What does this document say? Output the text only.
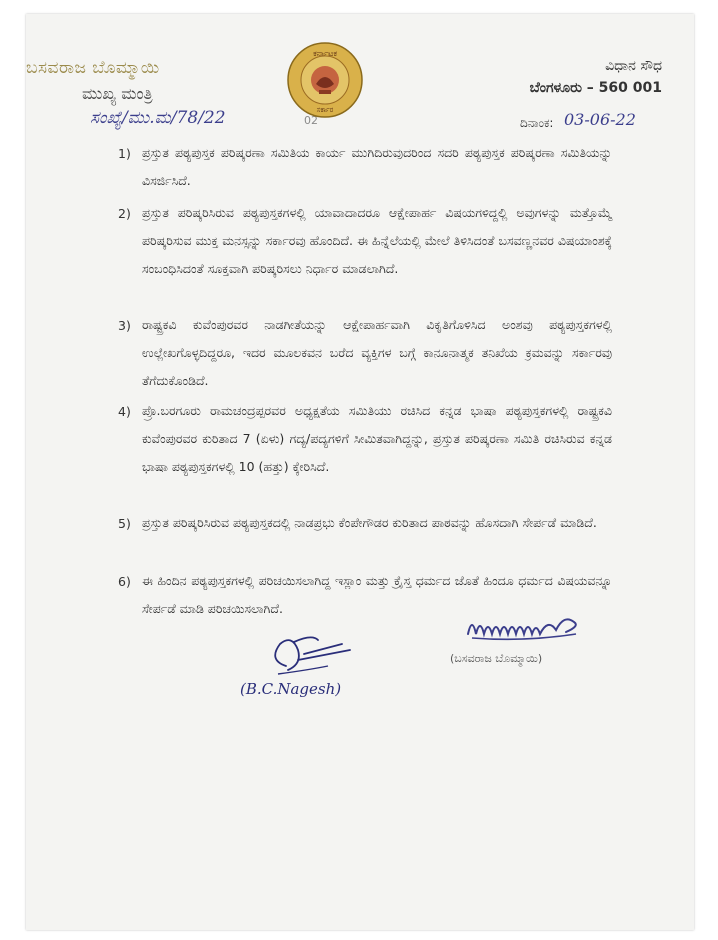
ಬಸವರಾಜ ಬೊಮ್ಮಾಯಿ
ಮುಖ್ಯ ಮಂತ್ರಿ
ಸಂಖ್ಯೆ/ಮು.ಮ/78/22	02
ಕರ್ನಾಟಕ
ಸರ್ಕಾರ
ವಿಧಾನ ಸೌಧ
ಬೆಂಗಳೂರು – 560 001
ದಿನಾಂಕ: 03-06-22
1) ಪ್ರಸ್ತುತ ಪಠ್ಯಪುಸ್ತಕ ಪರಿಷ್ಕರಣಾ ಸಮಿತಿಯ ಕಾರ್ಯ ಮುಗಿದಿರುವುದರಿಂದ ಸದರಿ ಪಠ್ಯಪುಸ್ತಕ ಪರಿಷ್ಕರಣಾ ಸಮಿತಿಯನ್ನು ವಿಸರ್ಜಿಸಿದೆ.
2) ಪ್ರಸ್ತುತ ಪರಿಷ್ಕರಿಸಿರುವ ಪಠ್ಯಪುಸ್ತಕಗಳಲ್ಲಿ ಯಾವಾದಾದರೂ ಆಕ್ಷೇಪಾರ್ಹ ವಿಷಯಗಳಿದ್ದಲ್ಲಿ ಅವುಗಳನ್ನು ಮತ್ತೊಮ್ಮೆ ಪರಿಷ್ಕರಿಸುವ ಮುಕ್ತ ಮನಸ್ಸನ್ನು ಸರ್ಕಾರವು ಹೊಂದಿದೆ. ಈ ಹಿನ್ನೆಲೆಯಲ್ಲಿ ಮೇಲೆ ತಿಳಿಸಿದಂತೆ ಬಸವಣ್ಣನವರ ವಿಷಯಾಂಶಕ್ಕೆ ಸಂಬಂಧಿಸಿದಂತೆ ಸೂಕ್ತವಾಗಿ ಪರಿಷ್ಕರಿಸಲು ನಿರ್ಧಾರ ಮಾಡಲಾಗಿದೆ.
3) ರಾಷ್ಟ್ರಕವಿ ಕುವೆಂಪುರವರ ನಾಡಗೀತೆಯನ್ನು ಆಕ್ಷೇಪಾರ್ಹವಾಗಿ ವಿಕೃತಿಗೊಳಿಸಿದ ಅಂಶವು ಪಠ್ಯಪುಸ್ತಕಗಳಲ್ಲಿ ಉಲ್ಲೇಖಗೊಳ್ಳದಿದ್ದರೂ, ಇದರ ಮೂಲಕವನ ಬರೆದ ವ್ಯಕ್ತಿಗಳ ಬಗ್ಗೆ ಕಾನೂನಾತ್ಮಕ ತನಿಖೆಯ ಕ್ರಮವನ್ನು ಸರ್ಕಾರವು ತೆಗೆದುಕೊಂಡಿದೆ.
4) ಪ್ರೊ.ಬರಗೂರು ರಾಮಚಂದ್ರಪ್ಪರವರ ಅಧ್ಯಕ್ಷತೆಯ ಸಮಿತಿಯು ರಚಿಸಿದ ಕನ್ನಡ ಭಾಷಾ ಪಠ್ಯಪುಸ್ತಕಗಳಲ್ಲಿ ರಾಷ್ಟ್ರಕವಿ ಕುವೆಂಪುರವರ ಕುರಿತಾದ 7 (ಏಳು) ಗದ್ಯ/ಪದ್ಯಗಳಿಗೆ ಸೀಮಿತವಾಗಿದ್ದನ್ನು, ಪ್ರಸ್ತುತ ಪರಿಷ್ಕರಣಾ ಸಮಿತಿ ರಚಿಸಿರುವ ಕನ್ನಡ ಭಾಷಾ ಪಠ್ಯಪುಸ್ತಕಗಳಲ್ಲಿ 10 (ಹತ್ತು) ಕ್ಕೇರಿಸಿದೆ.
5) ಪ್ರಸ್ತುತ ಪರಿಷ್ಕರಿಸಿರುವ ಪಠ್ಯಪುಸ್ತಕದಲ್ಲಿ ನಾಡಪ್ರಭು ಕೆಂಪೇಗೌಡರ ಕುರಿತಾದ ಪಾಠವನ್ನು ಹೊಸದಾಗಿ ಸೇರ್ಪಡೆ ಮಾಡಿದೆ.
6) ಈ ಹಿಂದಿನ ಪಠ್ಯಪುಸ್ತಕಗಳಲ್ಲಿ ಪರಿಚಯಿಸಲಾಗಿದ್ದ ಇಸ್ಲಾಂ ಮತ್ತು ಕ್ರೈಸ್ತ ಧರ್ಮದ ಜೊತೆ ಹಿಂದೂ ಧರ್ಮದ ವಿಷಯವನ್ನೂ ಸೇರ್ಪಡೆ ಮಾಡಿ ಪರಿಚಯಿಸಲಾಗಿದೆ.
(ಬಸವರಾಜ ಬೊಮ್ಮಾಯಿ)
(B.C.Nagesh)
